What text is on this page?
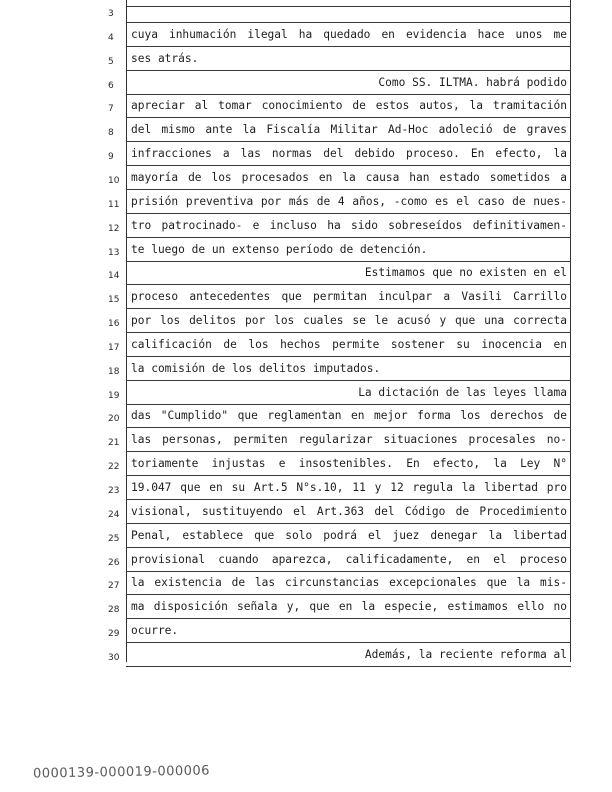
3
4	cuya inhumación ilegal ha quedado en evidencia hace unos me
5	ses atrás.
6	Como SS. ILTMA. habrá podido
7	apreciar al tomar conocimiento de estos autos, la tramitación
8	del mismo ante la Fiscalía Militar Ad-Hoc adoleció de graves
9	infracciones a las normas del debido proceso. En efecto, la
10	mayoría de los procesados en la causa han estado sometidos a
11	prisión preventiva por más de 4 años, -como es el caso de nues-
12	tro patrocinado- e incluso ha sido sobreseídos definitivamen-
13	te luego de un extenso período de detención.
14	Estimamos que no existen en el
15	proceso antecedentes que permitan inculpar a Vasili Carrillo
16	por los delitos por los cuales se le acusó y que una correcta
17	calificación de los hechos permite sostener su inocencia en
18	la comisión de los delitos imputados.
19	La dictación de las leyes llama
20	das "Cumplido" que reglamentan en mejor forma los derechos de
21	las personas, permiten regularizar situaciones procesales no-
22	toriamente injustas e insostenibles. En efecto, la Ley N°
23	19.047 que en su Art.5 N°s.10, 11 y 12 regula la libertad pro
24	visional, sustituyendo el Art.363 del Código de Procedimiento
25	Penal, establece que solo podrá el juez denegar la libertad
26	provisional cuando aparezca, calificadamente, en el proceso
27	la existencia de las circunstancias excepcionales que la mis-
28	ma disposición señala y, que en la especie, estimamos ello no
29	ocurre.
30	Además, la reciente reforma al
0000139-000019-000006
